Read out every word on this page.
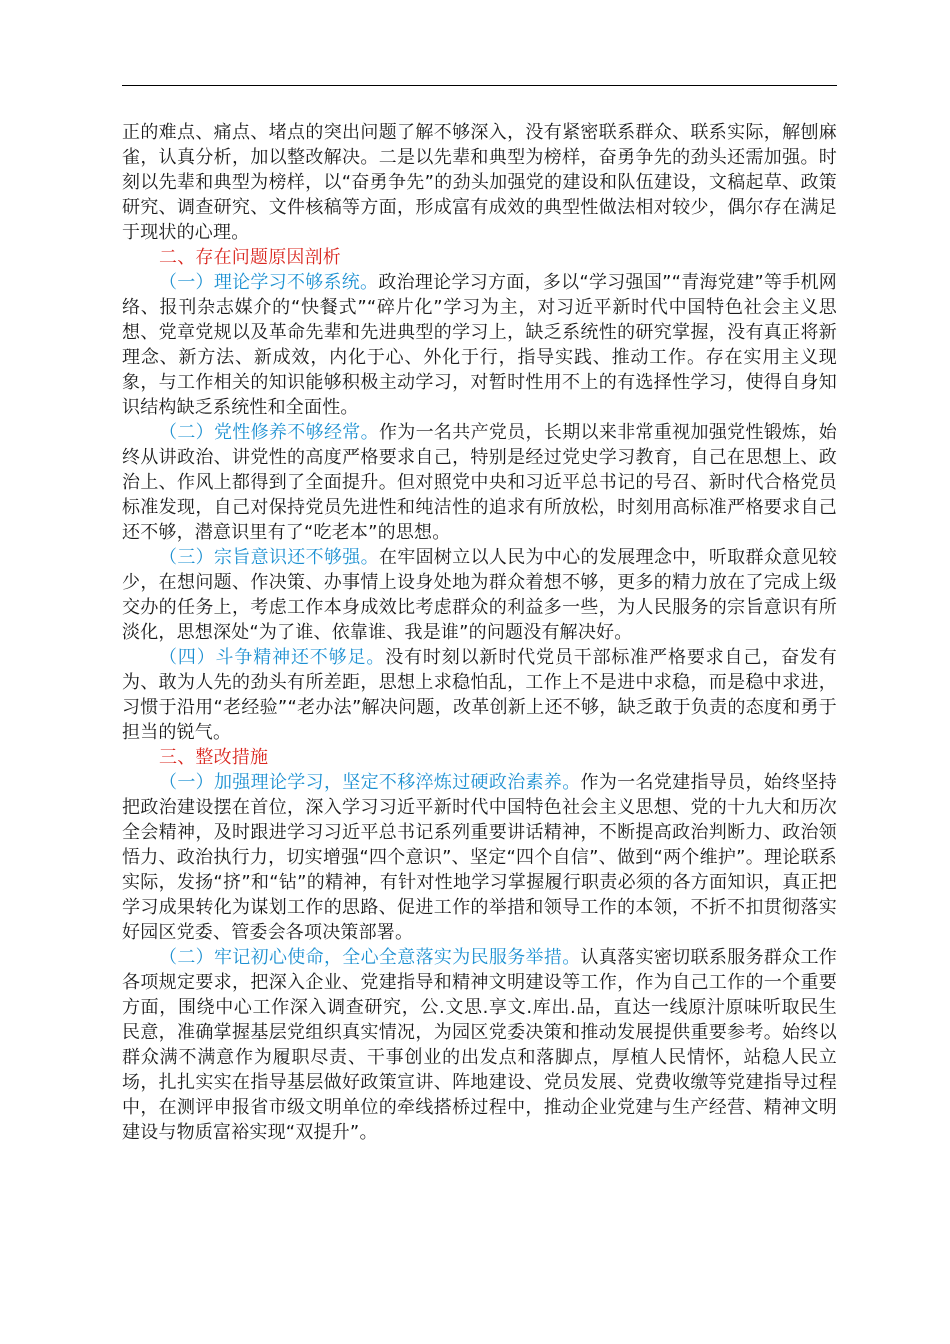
正的难点、痛点、堵点的突出问题了解不够深入，没有紧密联系群众、联系实际，解刨麻雀，认真分析，加以整改解决。二是以先辈和典型为榜样，奋勇争先的劲头还需加强。时刻以先辈和典型为榜样，以“奋勇争先”的劲头加强党的建设和队伍建设，文稿起草、政策研究、调查研究、文件核稿等方面，形成富有成效的典型性做法相对较少，偶尔存在满足于现状的心理。

二、存在问题原因剖析

（一）理论学习不够系统。政治理论学习方面，多以“学习强国”“青海党建”等手机网络、报刊杂志媒介的“快餐式”“碎片化”学习为主，对习近平新时代中国特色社会主义思想、党章党规以及革命先辈和先进典型的学习上，缺乏系统性的研究掌握，没有真正将新理念、新方法、新成效，内化于心、外化于行，指导实践、推动工作。存在实用主义现象，与工作相关的知识能够积极主动学习，对暂时性用不上的有选择性学习，使得自身知识结构缺乏系统性和全面性。

（二）党性修养不够经常。作为一名共产党员，长期以来非常重视加强党性锻炼，始终从讲政治、讲党性的高度严格要求自己，特别是经过党史学习教育，自己在思想上、政治上、作风上都得到了全面提升。但对照党中央和习近平总书记的号召、新时代合格党员标准发现，自己对保持党员先进性和纯洁性的追求有所放松，时刻用高标准严格要求自己还不够，潜意识里有了“吃老本”的思想。

（三）宗旨意识还不够强。在牢固树立以人民为中心的发展理念中，听取群众意见较少，在想问题、作决策、办事情上设身处地为群众着想不够，更多的精力放在了完成上级交办的任务上，考虑工作本身成效比考虑群众的利益多一些，为人民服务的宗旨意识有所淡化，思想深处“为了谁、依靠谁、我是谁”的问题没有解决好。

（四）斗争精神还不够足。没有时刻以新时代党员干部标准严格要求自己，奋发有为、敢为人先的劲头有所差距，思想上求稳怕乱，工作上不是进中求稳，而是稳中求进，习惯于沿用“老经验”“老办法”解决问题，改革创新上还不够，缺乏敢于负责的态度和勇于担当的锐气。

三、整改措施

（一）加强理论学习，坚定不移淬炼过硬政治素养。作为一名党建指导员，始终坚持把政治建设摆在首位，深入学习习近平新时代中国特色社会主义思想、党的十九大和历次全会精神，及时跟进学习习近平总书记系列重要讲话精神，不断提高政治判断力、政治领悟力、政治执行力，切实增强“四个意识”、坚定“四个自信”、做到“两个维护”。理论联系实际，发扬“挤”和“钻”的精神，有针对性地学习掌握履行职责必须的各方面知识，真正把学习成果转化为谋划工作的思路、促进工作的举措和领导工作的本领，不折不扣贯彻落实好园区党委、管委会各项决策部署。

（二）牢记初心使命，全心全意落实为民服务举措。认真落实密切联系服务群众工作各项规定要求，把深入企业、党建指导和精神文明建设等工作，作为自己工作的一个重要方面，围绕中心工作深入调查研究，公.文思.享文.库出.品，直达一线原汁原味听取民生民意，准确掌握基层党组织真实情况，为园区党委决策和推动发展提供重要参考。始终以群众满不满意作为履职尽责、干事创业的出发点和落脚点，厚植人民情怀，站稳人民立场，扎扎实实在指导基层做好政策宣讲、阵地建设、党员发展、党费收缴等党建指导过程中，在测评申报省市级文明单位的牵线搭桥过程中，推动企业党建与生产经营、精神文明建设与物质富裕实现“双提升”。
